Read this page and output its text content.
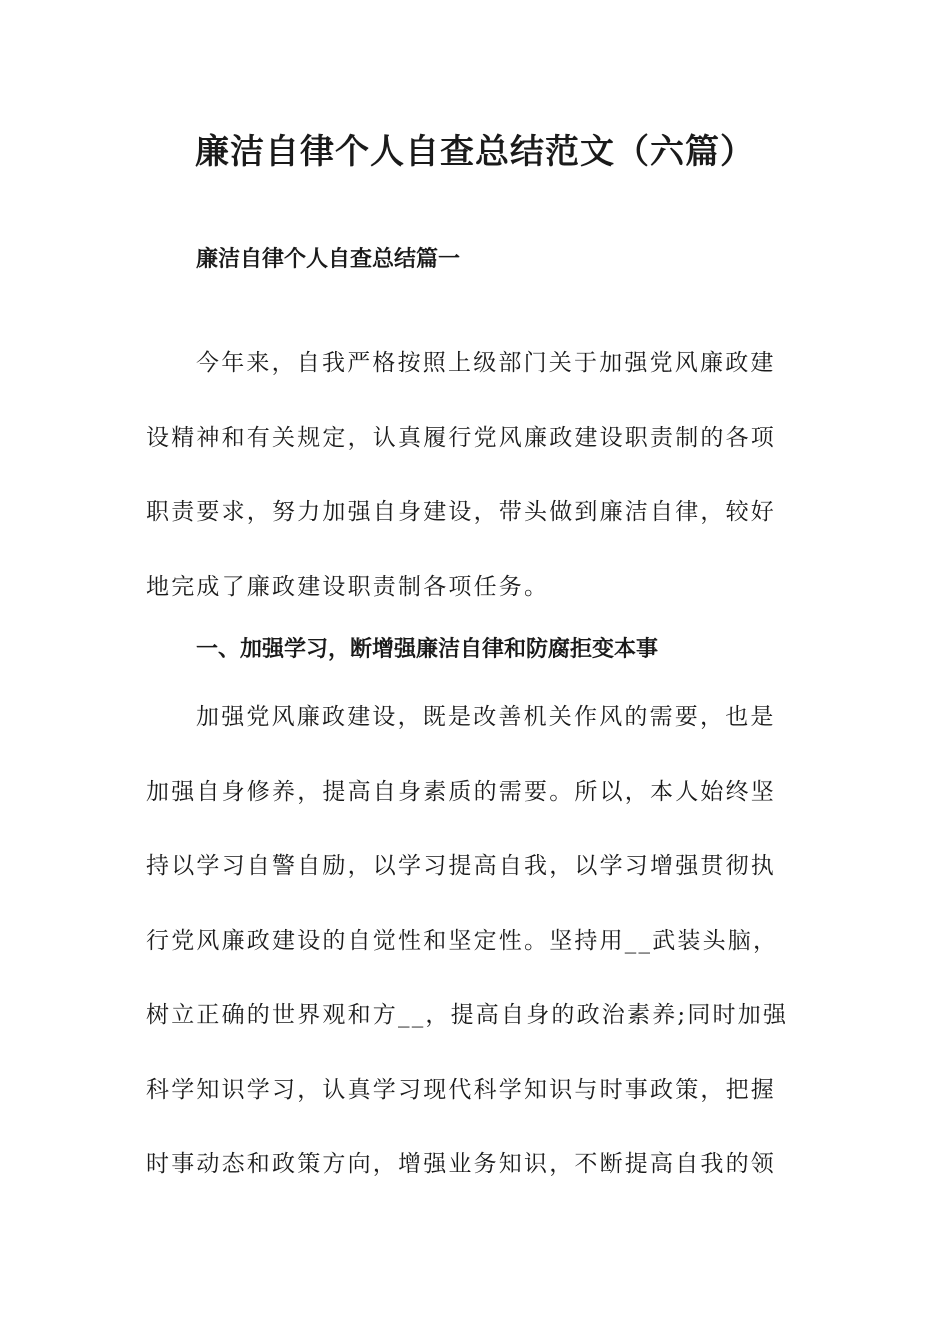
廉洁自律个人自查总结范文（六篇）
廉洁自律个人自查总结篇一
今年来，自我严格按照上级部门关于加强党风廉政建
设精神和有关规定，认真履行党风廉政建设职责制的各项
职责要求，努力加强自身建设，带头做到廉洁自律，较好
地完成了廉政建设职责制各项任务。
一、加强学习，断增强廉洁自律和防腐拒变本事
加强党风廉政建设，既是改善机关作风的需要，也是
加强自身修养，提高自身素质的需要。所以，本人始终坚
持以学习自警自励，以学习提高自我，以学习增强贯彻执
行党风廉政建设的自觉性和坚定性。坚持用__武装头脑，
树立正确的世界观和方__，提高自身的政治素养;同时加强
科学知识学习，认真学习现代科学知识与时事政策，把握
时事动态和政策方向，增强业务知识，不断提高自我的领
